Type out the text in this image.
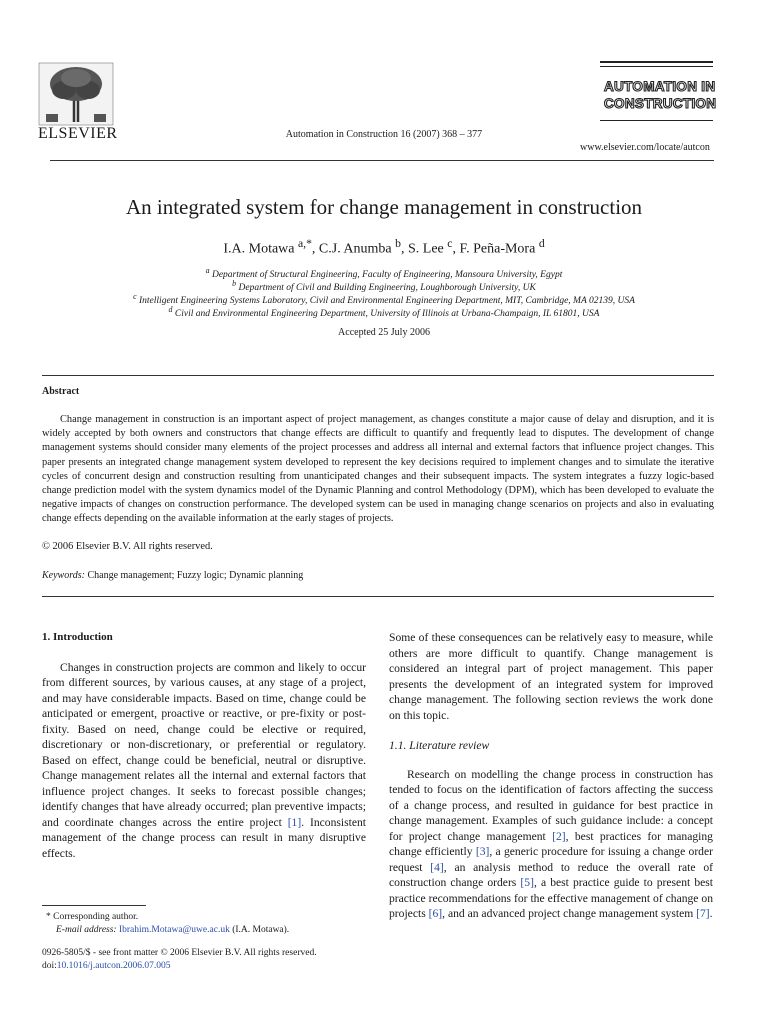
ELSEVIER	Automation in Construction 16 (2007) 368 – 377
AUTOMATION IN
CONSTRUCTION
www.elsevier.com/locate/autcon
An integrated system for change management in construction
I.A. Motawa $^{a,*}$, C.J. Anumba $^b$, S. Lee $^c$, F. Peña-Mora $^d$
$^a$ Department of Structural Engineering, Faculty of Engineering, Mansoura University, Egypt
$^b$ Department of Civil and Building Engineering, Loughborough University, UK
$^c$ Intelligent Engineering Systems Laboratory, Civil and Environmental Engineering Department, MIT, Cambridge, MA 02139, USA
$^d$ Civil and Environmental Engineering Department, University of Illinois at Urbana-Champaign, IL 61801, USA
Accepted 25 July 2006
Abstract
Change management in construction is an important aspect of project management, as changes constitute a major cause of delay and disruption, and it is widely accepted by both owners and constructors that change effects are difficult to quantify and frequently lead to disputes. The development of change management systems should consider many elements of the project processes and address all internal and external factors that influence project changes. This paper presents an integrated change management system developed to represent the key decisions required to implement changes and to simulate the iterative cycles of concurrent design and construction resulting from unanticipated changes and their subsequent impacts. The system integrates a fuzzy logic-based change prediction model with the system dynamics model of the Dynamic Planning and control Methodology (DPM), which has been developed to evaluate the negative impacts of changes on construction performance. The developed system can be used in managing change scenarios on projects and also in evaluating change effects depending on the available information at the early stages of projects.
© 2006 Elsevier B.V. All rights reserved.
Keywords: Change management; Fuzzy logic; Dynamic planning
1. Introduction
Changes in construction projects are common and likely to occur from different sources, by various causes, at any stage of a project, and may have considerable impacts. Based on time, change could be anticipated or emergent, proactive or reactive, or pre-fixity or post-fixity. Based on need, change could be elective or required, discretionary or non-discretionary, or preferential or regulatory. Based on effect, change could be beneficial, neutral or disruptive. Change management relates all the internal and external factors that influence project changes. It seeks to forecast possible changes; identify changes that have already occurred; plan preventive impacts; and coordinate changes across the entire project [1]. Inconsistent management of the change process can result in many disruptive effects.
Some of these consequences can be relatively easy to measure, while others are more difficult to quantify. Change management is considered an integral part of project management. This paper presents the development of an integrated system for improved change management. The following section reviews the work done on this topic.
1.1. Literature review
Research on modelling the change process in construction has tended to focus on the identification of factors affecting the success of a change process, and resulted in guidance for best practice in change management. Examples of such guidance include: a concept for project change management [2], best practices for managing change efficiently [3], a generic procedure for issuing a change order request [4], an analysis method to reduce the overall rate of construction change orders [5], a best practice guide to present best practice recommendations for the effective management of change on projects [6], and an advanced project change management system [7].
* Corresponding author.
E-mail address: Ibrahim.Motawa@uwe.ac.uk (I.A. Motawa).
0926-5805/$ - see front matter © 2006 Elsevier B.V. All rights reserved.
doi:10.1016/j.autcon.2006.07.005
